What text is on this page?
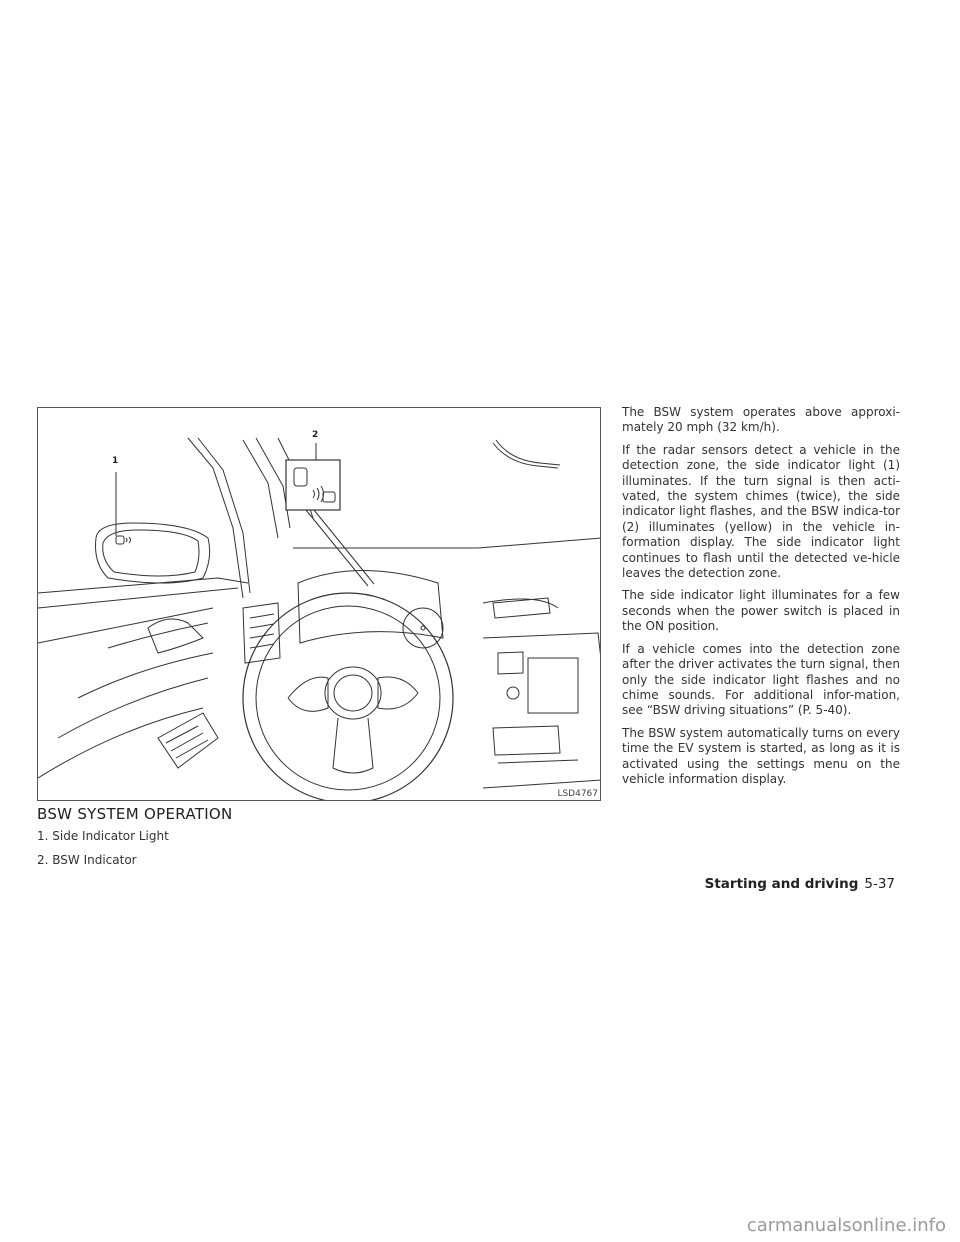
1
2
LSD4767
BSW SYSTEM OPERATION
1. Side Indicator Light
2. BSW Indicator

The BSW system operates above approxi-mately 20 mph (32 km/h).

If the radar sensors detect a vehicle in the detection zone, the side indicator light (1) illuminates. If the turn signal is then acti-vated, the system chimes (twice), the side indicator light flashes, and the BSW indica-tor (2) illuminates (yellow) in the vehicle in-formation display. The side indicator light continues to flash until the detected ve-hicle leaves the detection zone.

The side indicator light illuminates for a few seconds when the power switch is placed in the ON position.

If a vehicle comes into the detection zone after the driver activates the turn signal, then only the side indicator light flashes and no chime sounds. For additional infor-mation, see “BSW driving situations” (P. 5-40).

The BSW system automatically turns on every time the EV system is started, as long as it is activated using the settings menu on the vehicle information display.

Starting and driving 5-37
carmanualsonline.info
